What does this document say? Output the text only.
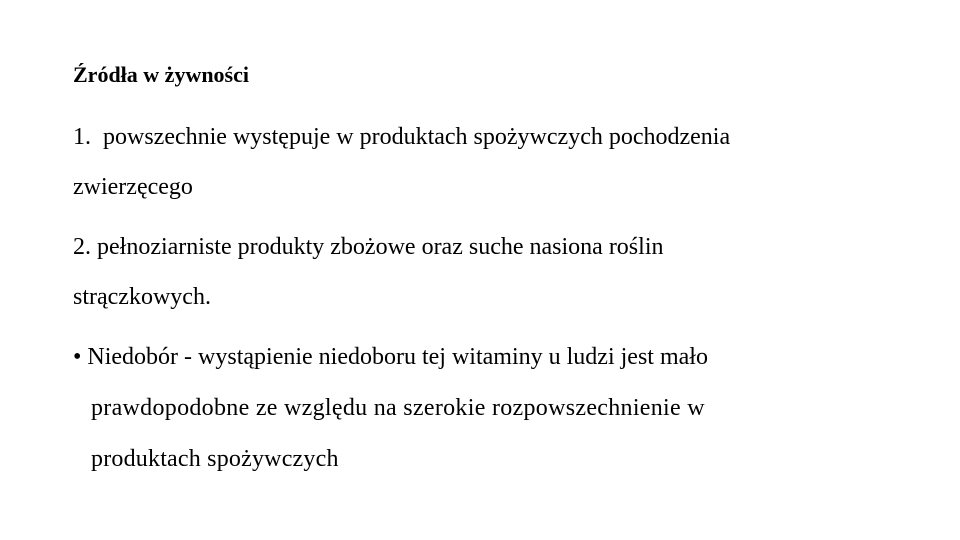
Źródła w żywności
1. powszechnie występuje w produktach spożywczych pochodzenia
zwierzęcego
2. pełnoziarniste produkty zbożowe oraz suche nasiona roślin
strączkowych.
• Niedobór - wystąpienie niedoboru tej witaminy u ludzi jest mało
prawdopodobne ze względu na szerokie rozpowszechnienie w
produktach spożywczych
